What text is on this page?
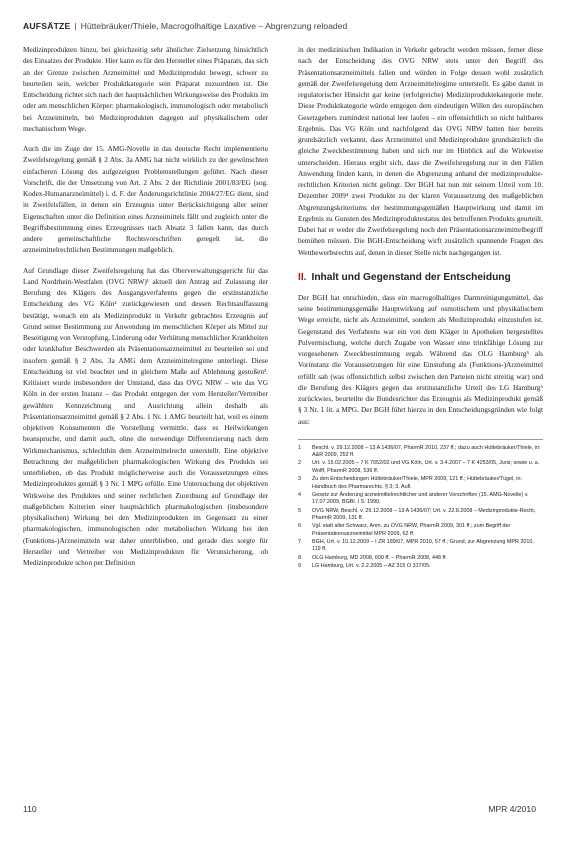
AUFSÄTZE | Hüttebräuker/Thiele, Macrogolhaltige Laxative – Abgrenzung reloaded

Medizinprodukten hinzu, bei gleichzeitig sehr ähnlicher Zielsetzung hinsichtlich des Einsatzes der Produkte. Hier kann es für den Hersteller eines Präparats, das sich an der Grenze zwischen Arzneimittel und Medizinprodukt bewegt, schwer zu beurteilen sein, welcher Produktkategorie sein Präparat zuzuordnen ist. Die Entscheidung richtet sich nach der hauptsächlichen Wirkungsweise des Produkts im oder am menschlichen Körper: pharmakologisch, immunologisch oder metabolisch bei Arzneimitteln, bei Medizinprodukten dagegen auf physikalischem oder mechanischem Wege.

Auch die im Zuge der 15. AMG-Novelle in das deutsche Recht implementierte Zweifelsregelung gemäß § 2 Abs. 3a AMG hat nicht wirklich zu der gewünschten einfacheren Lösung des aufgezeigten Problemstellungen geführt. Nach dieser Vorschrift, die der Umsetzung von Art. 2 Abs. 2 der Richtlinie 2001/83/EG (sog. Kodex-Humanarzneimittel) i. d. F. der Änderungsrichtlinie 2004/27/EG dient, sind in Zweifelsfällen, in denen ein Erzeugnis unter Berücksichtigung aller seiner Eigenschaften unter die Definition eines Arzneimittels fällt und zugleich unter die Begriffsbestimmung eines Erzeugnisses nach Absatz 3 fallen kann, das durch andere gemeinschaftliche Rechtsvorschriften geregelt ist, die arzneimittelrechtlichen Bestimmungen maßgeblich.

Auf Grundlage dieser Zweifelsregelung hat das Oberverwaltungsgericht für das Land Nordrhein-Westfalen (OVG NRW)¹ aktuell den Antrag auf Zulassung der Berufung des Klägers des Ausgangsverfahrens gegen die erstinstanzliche Entscheidung des VG Köln² zurückgewiesen und dessen Rechtsauffassung bestätigt, wonach ein als Medizinprodukt in Verkehr gebrachtes Erzeugnis auf Grund seiner Bestimmung zur Anwendung im menschlichen Körper als Mittel zur Beseitigung von Verstopfung, Linderung oder Verhütung menschlicher Krankheiten oder krankhafter Beschwerden als Präsentationsarzneimittel zu beurteilen sei und insofern gemäß § 2 Abs. 3a AMG dem Arzneimittelregime unterliegt. Diese Entscheidung ist viel beachtet und in gleichem Maße auf Ablehnung gestoßen³. Kritisiert wurde insbesondere der Umstand, dass das OVG NRW – wie das VG Köln in der ersten Instanz – das Produkt entgegen der vom Hersteller/Vertreiber gewählten Kennzeichnung und Ausrichtung allein deshalb als Präsentationsarzneimittel gemäß § 2 Abs. 1 Nr. 1 AMG beurteilt hat, weil es einem objektiven Konsumenten die Vorstellung vermittle, dass es Heilwirkungen beanspruche, und damit auch, ohne die notwendige Differenzierung nach dem Wirkmechanismus, schlechthin dem Arzneimittelrecht unterstellt. Eine objektive Betrachtung der maßgeblichen pharmakologischen Wirkung des Produkts sei unterblieben, ob das Produkt möglicherweise auch die Voraussetzungen eines Medizinproduktes gemäß § 3 Nr. 1 MPG erfülle. Eine Untersuchung der objektiven Wirkweise des Produktes und seiner rechtlichen Zuordnung auf Grundlage der maßgeblichen Kriterien einer hauptsächlich pharmakologischen (insbesondere physikalischen) Wirkung bei den Medizinprodukten im Gegensatz zu einer pharmakologischen, immunologischen oder metabolischen Wirkung bei den (Funktions-)Arzneimitteln war daher unterblieben, und gerade dies sorgte für Hersteller und Vertreiber von Medizinprodukten für Verunsicherung, ob Medizinprodukte schon per Definition

in der medizinischen Indikation in Verkehr gebracht werden müssen, ferner diese nach der Entscheidung des OVG NRW stets unter den Begriff des Präsentationsarzneimittels fallen und würden in Folge dessen wohl zusätzlich gemäß der Zweifelsregelung dem Arzneimittelregime unterstellt. Es gäbe damit in regulatorischer Hinsicht gar keine (erfolgreiche) Medizinproduktekategorie mehr. Diese Produktkategorie würde entgegen dem eindeutigen Willen des europäischen Gesetzgebers zumindest national leer laufen – ein offensichtlich so nicht haltbares Ergebnis. Das VG Köln und nachfolgend das OVG NRW hatten hier bereits grundsätzlich verkannt, dass Arzneimittel und Medizinprodukte grundsätzlich die gleiche Zweckbestimmung haben und sich nur im Hinblick auf die Wirkweise unterscheiden. Hieraus ergibt sich, dass die Zweifelsregelung nur in den Fällen Anwendung finden kann, in denen die Abgrenzung anhand der medizinprodukte-rechtlichen Kriterien nicht gelingt. Der BGH hat nun mit seinem Urteil vom 10. Dezember 2009⁴ zwei Produkte zu der klaren Voraussetzung des maßgeblichen Abgrenzungskriteriums der bestimmungsgemäßen Hauptwirkung und damit im Ergebnis zu Gunsten des Medizinproduktestatus des betroffenen Produkts geurteilt. Dabei hat er weder die Zweifelsregelung noch den Präsentationsarzneimittelbegriff bemühen müssen. Die BGH-Entscheidung wirft zusätzlich spannende Fragen des Wettbewerbsrechts auf, denen in dieser Stelle nicht nachgegangen ist.

II. Inhalt und Gegenstand der Entscheidung

Der BGH hat entschieden, dass ein macrogolhaltiges Darmreinigungsmittel, das seine bestimmungsgemäße Hauptwirkung auf osmotischem und physikalischem Wege erreicht, nicht als Arzneimittel, sondern als Medizinprodukt einzustufen ist. Gegenstand des Verfahrens war ein von dem Kläger in Apotheken hergestelltes Pulvermischung, welche durch Zugabe von Wasser eine trinkfähige Lösung zur vorgesehenen Zweckbestimmung ergab. Während das OLG Hamburg⁵ als Vorinstanz die Voraussetzungen für eine Einstufung als (Funktions-)Arzneimittel erfüllt sah (was offensichtlich selbst zwischen den Parteien nicht streitig war) und die Berufung des Klägers gegen das erstinstanzliche Urteil des LG Hamburg⁶ zurückwies, beurteilte die Bundesrichter das Erzeugnis als Medizinprodukt gemäß § 3 Nr. 1 lit. a MPG. Der BGH führt hierzu in den Entscheidungsgründen wie folgt aus:

1	Beschl. v. 29.12.2008 – 13 A 1436/07, PharmR 2010, 237 ff.; dazu auch Hüttebräuker/Thiele, in: A&R 2009, 252 ff.
2	Urt. v. 15.02.2005 – 7 K 7052/02 und VG Köln, Urt. v. 3.4.2007 – 7 K 4253/05, Juris; sowie u. a. Wolff, PharmR 2008, 536 ff.
3	Zu den Entscheidungen Hüttebräuker/Thiele, MPR 2009, 121 ff.; Hüttebräuker/Tügel, in: Handbuch des Pharmarechts, § 3; 3. Aufl.
4	Gesetz zur Änderung arzneimittelrechtlicher und anderer Vorschriften (15. AMG-Novelle) v. 17.07.2009, BGBl. I S. 1990.
5	OVG NRW, Beschl. v. 29.12.2008 – 13 A 1436/07; Urt. v. 22.8.2008 – Medizinprodukte-Recht, PharmR 2009, 131 ff.
6	Vgl. statt aller Schwarz, Anm. zu OVG NRW, PharmR 2009, 301 ff.; zum Begriff der Präsentationsarzneimittel MPR 2009, 62 ff.
7	BGH, Urt. v. 10.12.2009 – I ZR 189/07, MPR 2010, 57 ff.; Grund, zur Abgrenzung MPR 2010, 119 ff.
8	OLG Hamburg, MD 2008, 600 ff. – PharmR 2008, 448 ff.
9	LG Hamburg, Urt. v. 2.2.2005 – AZ 315 O 317/05.
110	MPR 4/2010
